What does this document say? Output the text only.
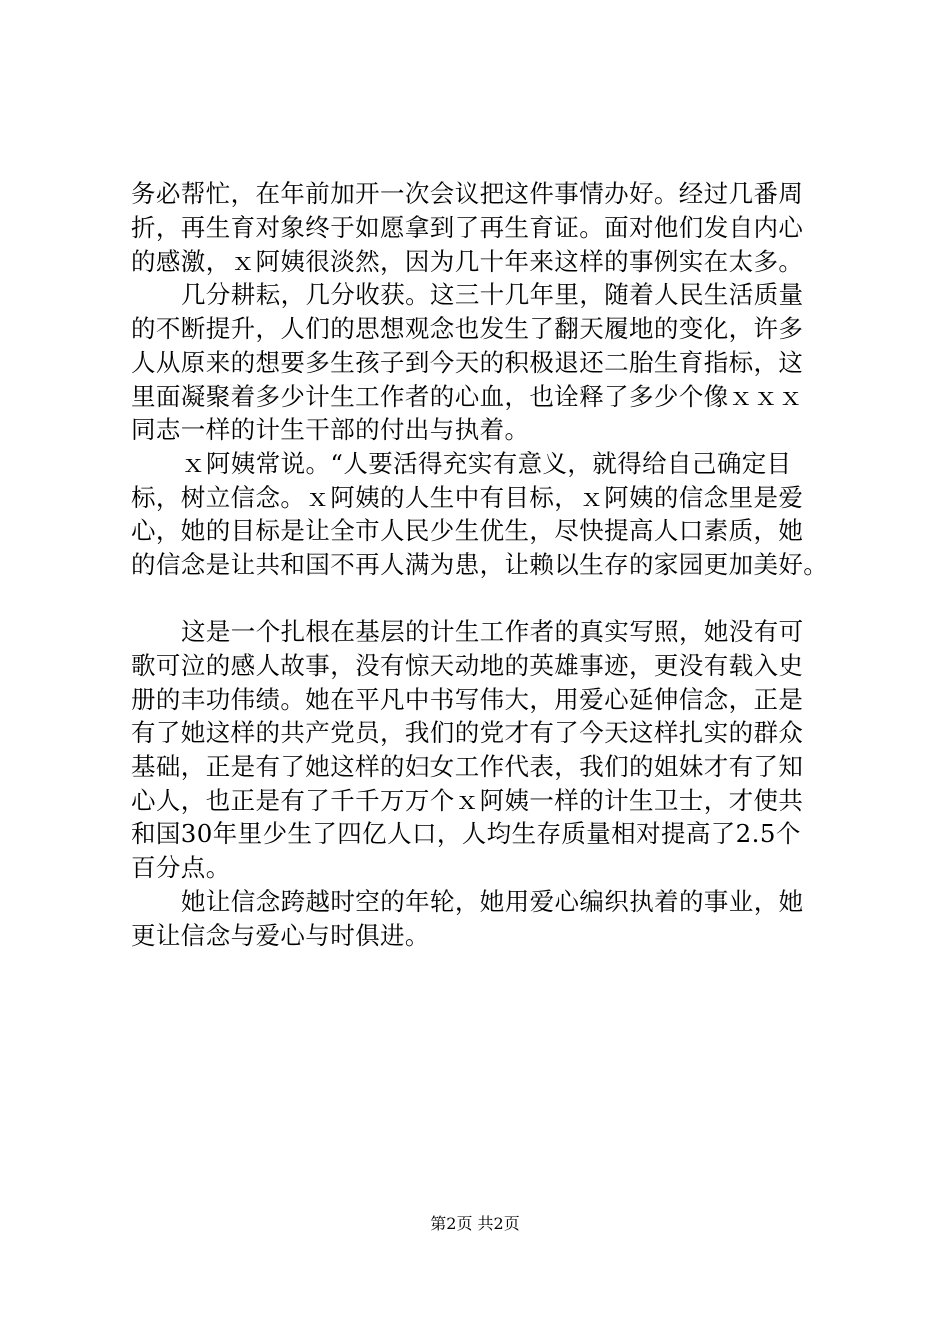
务必帮忙，在年前加开一次会议把这件事情办好。经过几番周
折，再生育对象终于如愿拿到了再生育证。面对他们发自内心
的感激，ｘ阿姨很淡然，因为几十年来这样的事例实在太多。
几分耕耘，几分收获。这三十几年里，随着人民生活质量
的不断提升，人们的思想观念也发生了翻天履地的变化，许多
人从原来的想要多生孩子到今天的积极退还二胎生育指标，这
里面凝聚着多少计生工作者的心血，也诠释了多少个像ｘｘｘ
同志一样的计生干部的付出与执着。
ｘ阿姨常说。“人要活得充实有意义，就得给自己确定目
标，树立信念。ｘ阿姨的人生中有目标，ｘ阿姨的信念里是爱
心，她的目标是让全市人民少生优生，尽快提高人口素质，她
的信念是让共和国不再人满为患，让赖以生存的家园更加美好。
这是一个扎根在基层的计生工作者的真实写照，她没有可
歌可泣的感人故事，没有惊天动地的英雄事迹，更没有载入史
册的丰功伟绩。她在平凡中书写伟大，用爱心延伸信念，正是
有了她这样的共产党员，我们的党才有了今天这样扎实的群众
基础，正是有了她这样的妇女工作代表，我们的姐妹才有了知
心人，也正是有了千千万万个ｘ阿姨一样的计生卫士，才使共
和国30年里少生了四亿人口，人均生存质量相对提高了2.5个
百分点。
她让信念跨越时空的年轮，她用爱心编织执着的事业，她
更让信念与爱心与时俱进。
第2页 共2页
